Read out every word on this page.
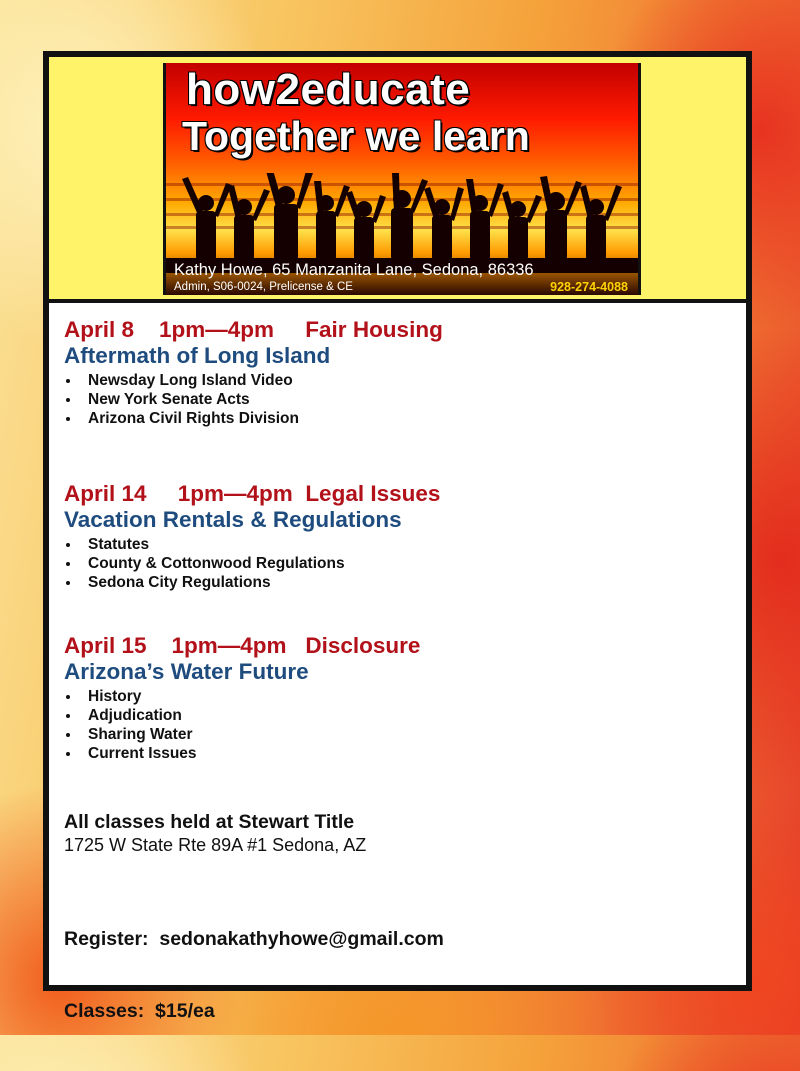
how2educate
Together we learn
Kathy Howe, 65 Manzanita Lane, Sedona, 86336
Admin, S06-0024, Prelicense & CE	928-274-4088
April 8    1pm—4pm     Fair Housing
Aftermath of Long Island
Newsday Long Island Video
New York Senate Acts
Arizona Civil Rights Division
April 14     1pm—4pm  Legal Issues
Vacation Rentals & Regulations
Statutes
County & Cottonwood Regulations
Sedona City Regulations
April 15    1pm—4pm   Disclosure
Arizona’s Water Future
History
Adjudication
Sharing Water
Current Issues
All classes held at Stewart Title
1725 W State Rte 89A #1 Sedona, AZ

Register:  sedonakathyhowe@gmail.com

Classes:  $15/ea
